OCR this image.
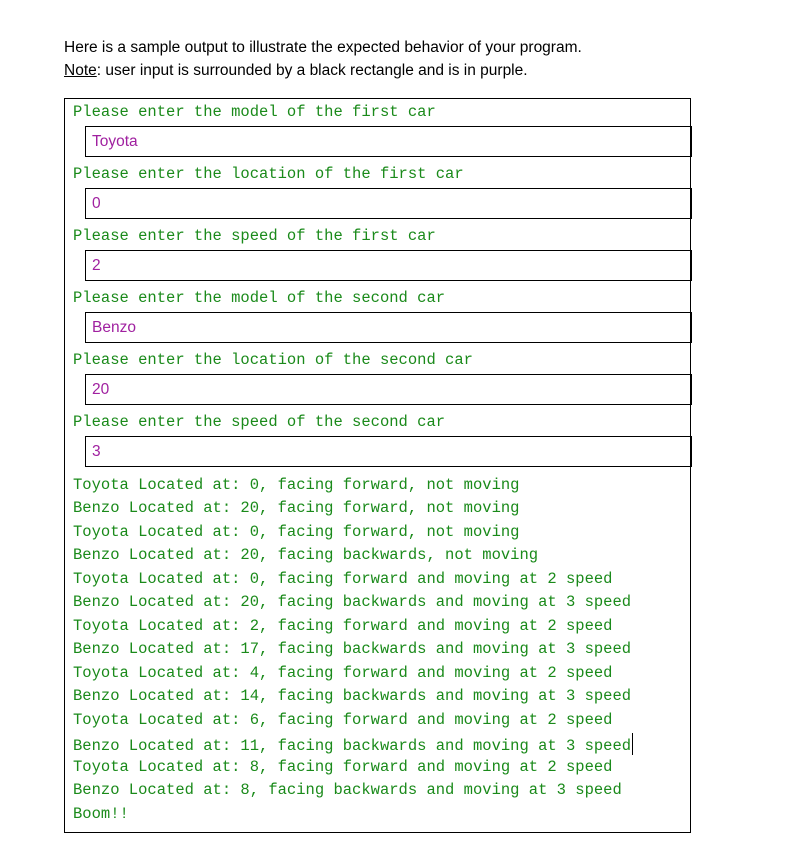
Here is a sample output to illustrate the expected behavior of your program.
Note: user input is surrounded by a black rectangle and is in purple.
Please enter the model of the first car
Toyota
Please enter the location of the first car
0
Please enter the speed of the first car
2
Please enter the model of the second car
Benzo
Please enter the location of the second car
20
Please enter the speed of the second car
3
Toyota Located at: 0, facing forward, not moving
Benzo Located at: 20, facing forward, not moving
Toyota Located at: 0, facing forward, not moving
Benzo Located at: 20, facing backwards, not moving
Toyota Located at: 0, facing forward and moving at 2 speed
Benzo Located at: 20, facing backwards and moving at 3 speed
Toyota Located at: 2, facing forward and moving at 2 speed
Benzo Located at: 17, facing backwards and moving at 3 speed
Toyota Located at: 4, facing forward and moving at 2 speed
Benzo Located at: 14, facing backwards and moving at 3 speed
Toyota Located at: 6, facing forward and moving at 2 speed
Benzo Located at: 11, facing backwards and moving at 3 speed
Toyota Located at: 8, facing forward and moving at 2 speed
Benzo Located at: 8, facing backwards and moving at 3 speed
Boom!!
